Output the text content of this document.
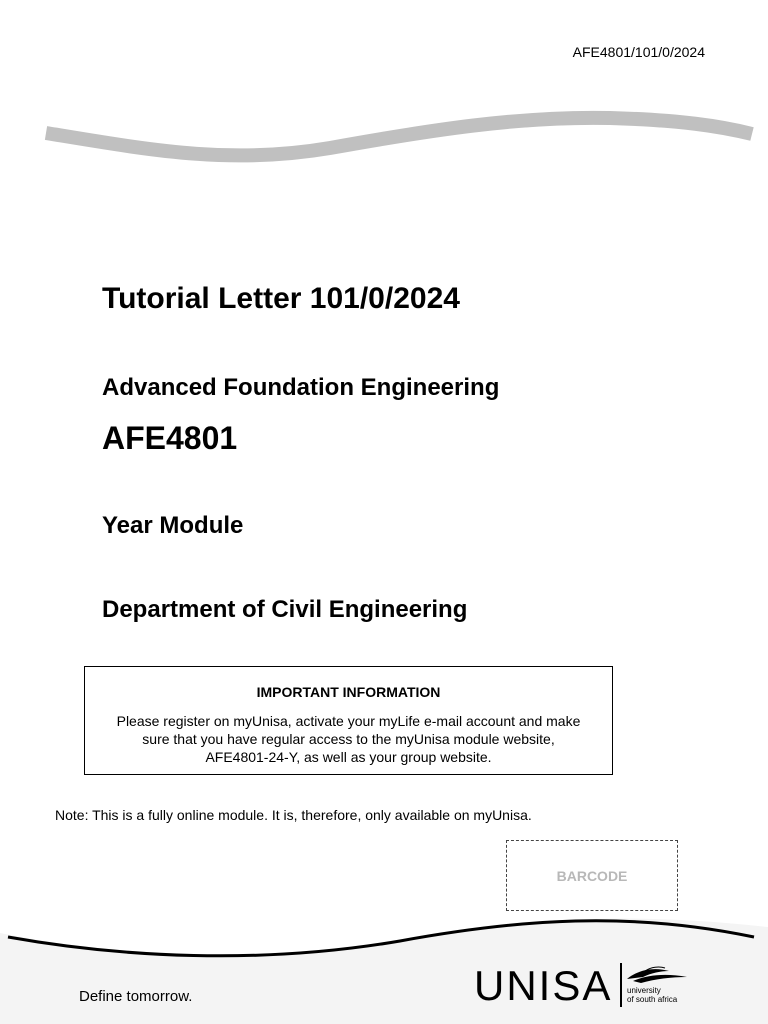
AFE4801/101/0/2024
Tutorial Letter 101/0/2024
Advanced Foundation Engineering
AFE4801
Year Module
Department of Civil Engineering
IMPORTANT INFORMATION
Please register on myUnisa, activate your myLife e-mail account and make sure that you have regular access to the myUnisa module website, AFE4801-24-Y, as well as your group website.
Note: This is a fully online module. It is, therefore, only available on myUnisa.
BARCODE
Define tomorrow.	UNISA university
of south africa
